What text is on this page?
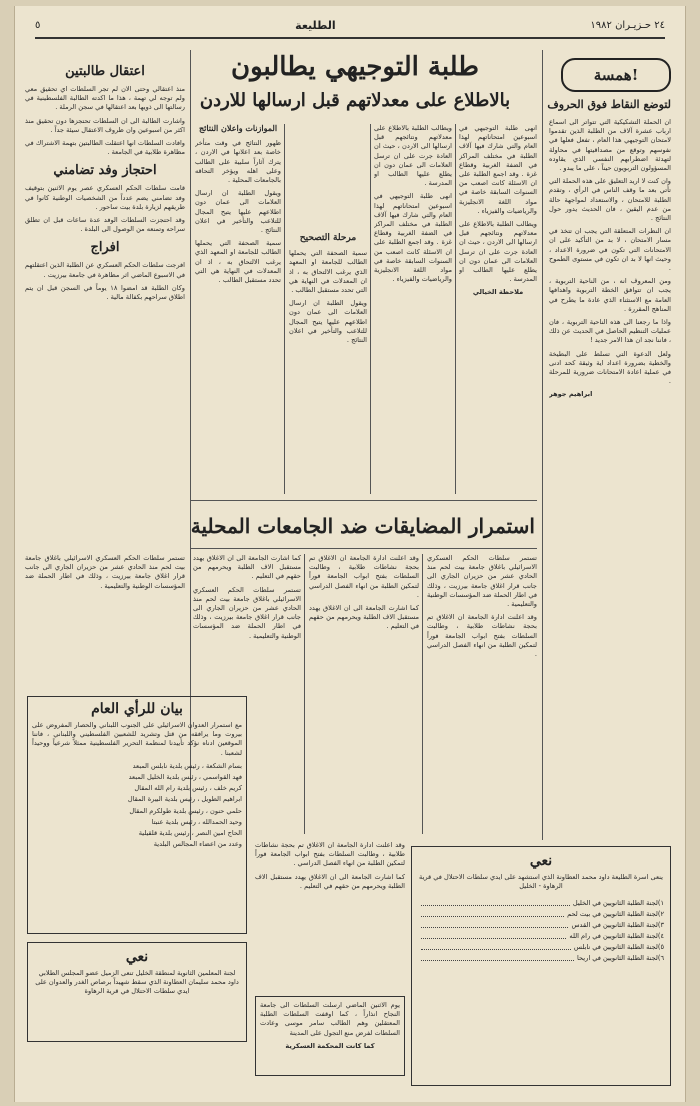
٢٤ حـزيـران ١٩٨٢
الطليعة
٥
همسة!
لتوضع النقاط فوق الحروف

ان الحملة التشكيكية التي تتواتر الى اسماع ارباب عشرة آلاف من الطلبة الذين تقدموا لامتحان التوجيهي هذا العام ، تفعل فعلها في نفوسهم وتوقع من مصداقيتها في محاولة لتهدئة اضطرابهم النفسي الذي يقاوده المسؤولون التربويون حيناً ، على ما يبدو .

وان كنت لا اريد التعليق على هذه الحملة التي تأتي بعد ما وقف الناس في الرأي ، وتقدم الطلبة للامتحان ، والاستعداد لمواجهة حالة من عدم اليقين ، فان الحديث يدور حول النتائج .

ان النظرات المتعلقة التي يجب ان تتخذ في مسار الامتحان ، لا بد من التأكيد على ان الامتحانات التي تكون في ضرورة الاعداد ، وحيث انها لا بد ان تكون في مستوى الطموح .

ومن المعروف انه ، من الناحية التربوية ، يجب ان تتوافق الخطة التربوية واهدافها العامة مع الاستثناء الذي عادة ما يطرح في المناهج المقررة .

واذا ما رجعنا الى هذه الناحية التربوية ، فان عمليات التنظيم الحاصل في الحديث عن ذلك ، فاننا نجد ان هذا الامر جديد !

ولعل الدعوة التي تسلط على البطيخة والخطية بضرورة اعداد اية وثيقة كحد ادنى في عملية اعادة الامتحانات ضرورية للمرحلة .

ابراهيم جوهر

طلبة التوجيهي يطالبون
بالاطلاع على معدلاتهم قبل ارسالها للاردن

انهى طلبة التوجيهي في اسبوعين امتحاناتهم لهذا العام والتي شارك فيها آلاف الطلبة في مختلف المراكز في الضفة الغربية وقطاع غزة . وقد اجمع الطلبة على ان الاسئلة كانت اصعب من السنوات السابقة خاصة في مواد اللغة الانجليزية والرياضيات والفيزياء .

ويطالب الطلبة بالاطلاع على معدلاتهم ونتائجهم قبل ارسالها الى الاردن ، حيث ان العادة جرت على ان ترسل العلامات الى عمان دون ان يطلع عليها الطالب او المدرسة .

ملاحظة الخيالي

ويطالب الطلبة بالاطلاع على معدلاتهم ونتائجهم قبل ارسالها الى الاردن ، حيث ان العادة جرت على ان ترسل العلامات الى عمان دون ان يطلع عليها الطالب او المدرسة .

انهى طلبة التوجيهي في اسبوعين امتحاناتهم لهذا العام والتي شارك فيها آلاف الطلبة في مختلف المراكز في الضفة الغربية وقطاع غزة . وقد اجمع الطلبة على ان الاسئلة كانت اصعب من السنوات السابقة خاصة في مواد اللغة الانجليزية والرياضيات والفيزياء .

مرحلة التصحيح

سمية الصحفة التي يحملها الطالب للجامعة او المعهد الذي يرغب الالتحاق به ، اذ ان المعدلات في النهاية هي التي تحدد مستقبل الطالب .

ويقول الطلبة ان ارسال العلامات الى عمان دون اطلاعهم عليها يتيح المجال للتلاعب والتأخير في اعلان النتائج .

الموازنات واعلان النتائج

ظهور النتائج في وقت متأخر خاصة بعد اعلانها في الاردن ، يترك آثاراً سلبية على الطالب وعلى اهله ويؤخر التحاقه بالجامعات المحلية .

ويقول الطلبة ان ارسال العلامات الى عمان دون اطلاعهم عليها يتيح المجال للتلاعب والتأخير في اعلان النتائج .

سمية الصحفة التي يحملها الطالب للجامعة او المعهد الذي يرغب الالتحاق به ، اذ ان المعدلات في النهاية هي التي تحدد مستقبل الطالب .

اعتقال طالبتين

منذ اعتقالي وحتى الان لم تجر السلطات اي تحقيق معي ولم توجه لي تهمة ، هذا ما اكدته الطالبة الفلسطينية في رسالتها الى ذويها بعد اعتقالها في سجن الرملة .

واشارت الطالبة الى ان السلطات تحتجزها دون تحقيق منذ اكثر من اسبوعين وان ظروف الاعتقال سيئة جداً .

وافادت السلطات انها اعتقلت الطالبتين بتهمة الاشتراك في مظاهرة طلابية في الجامعة .

احتجاز وفد تضامني

قامت سلطات الحكم العسكري عصر يوم الاثنين بتوقيف وفد تضامني يضم عدداً من الشخصيات الوطنية كانوا في طريقهم لزيارة بلدة بيت ساحور .

وقد احتجزت السلطات الوفد عدة ساعات قبل ان تطلق سراحه وتمنعه من الوصول الى البلدة .

افراج

افرجت سلطات الحكم العسكري عن الطلبة الذين اعتقلتهم في الاسبوع الماضي اثر مظاهرة في جامعة بيرزيت .

وكان الطلبة قد امضوا ١٨ يوماً في السجن قبل ان يتم اطلاق سراحهم بكفالة مالية .

استمرار المضايقات ضد الجامعات المحلية

تستمر سلطات الحكم العسكري الاسرائيلي باغلاق جامعة بيت لحم منذ الحادي عشر من حزيران الجاري الى جانب قرار اغلاق جامعة بيرزيت ، وذلك في اطار الحملة ضد المؤسسات الوطنية والتعليمية .

وقد اعلنت ادارة الجامعة ان الاغلاق تم بحجة نشاطات طلابية ، وطالبت السلطات بفتح ابواب الجامعة فوراً لتمكين الطلبة من انهاء الفصل الدراسي .

وقد اعلنت ادارة الجامعة ان الاغلاق تم بحجة نشاطات طلابية ، وطالبت السلطات بفتح ابواب الجامعة فوراً لتمكين الطلبة من انهاء الفصل الدراسي .

كما اشارت الجامعة الى ان الاغلاق يهدد مستقبل الاف الطلبة ويحرمهم من حقهم في التعليم .

كما اشارت الجامعة الى ان الاغلاق يهدد مستقبل الاف الطلبة ويحرمهم من حقهم في التعليم .

تستمر سلطات الحكم العسكري الاسرائيلي باغلاق جامعة بيت لحم منذ الحادي عشر من حزيران الجاري الى جانب قرار اغلاق جامعة بيرزيت ، وذلك في اطار الحملة ضد المؤسسات الوطنية والتعليمية .

تستمر سلطات الحكم العسكري الاسرائيلي باغلاق جامعة بيت لحم منذ الحادي عشر من حزيران الجاري الى جانب قرار اغلاق جامعة بيرزيت ، وذلك في اطار الحملة ضد المؤسسات الوطنية والتعليمية .

بيان للرأي العام

مع استمرار العدوان الاسرائيلي على الجنوب اللبناني والحصار المفروض على بيروت وما يرافقه من قتل وتشريد للشعبين الفلسطيني واللبناني ، فاننا الموقعين ادناه نؤكد تأييدنا لمنظمة التحرير الفلسطينية ممثلاً شرعياً ووحيداً لشعبنا .

بسام الشكعة ، رئيس بلدية نابلس المبعد

فهد القواسمي ، رئيس بلدية الخليل المبعد

كريم خلف ، رئيس بلدية رام الله المقال

ابراهيم الطويل ، رئيس بلدية البيرة المقال

حلمي حنون ، رئيس بلدية طولكرم المقال

وحيد الحمدالله ، رئيس بلدية عنبتا

الحاج امين النصر ، رئيس بلدية قلقيلية

وعدد من اعضاء المجالس البلدية

يوم الاثنين الماضي ارسلت السلطات الى جامعة النجاح انذاراً ، كما اوقفت السلطات الطلبة المعتقلين وهم الطالب سامر موسى وعادت السلطات لفرض منع التجول على المدينة

كما كانت المحكمة العسكرية

وقد اعلنت ادارة الجامعة ان الاغلاق تم بحجة نشاطات طلابية ، وطالبت السلطات بفتح ابواب الجامعة فوراً لتمكين الطلبة من انهاء الفصل الدراسي .

كما اشارت الجامعة الى ان الاغلاق يهدد مستقبل الاف الطلبة ويحرمهم من حقهم في التعليم .

نعي

ينعى اسرة الطليعة داود محمد العطاونة الذي استشهد على ايدي سلطات الاحتلال في قرية الرهاوة - الخليل

١)
لجنة الطلبة الثانويين في الخليل
٢)
لجنة الطلبة الثانويين في بيت لحم
٣)
لجنة الطلبة الثانويين في القدس
٤)
لجنة الطلبة الثانويين في رام الله
٥)
لجنة الطلبة الثانويين في نابلس
٦)
لجنة الطلبة الثانويين في اريحا
نعي

لجنة المعلمين الثانوية لمنطقة الخليل تنعى الزميل عضو المجلس الطلابي داود محمد سليمان العطاونة الذي سقط شهيداً برصاص الغدر والعدوان على ايدي سلطات الاحتلال في قرية الرهاوة
